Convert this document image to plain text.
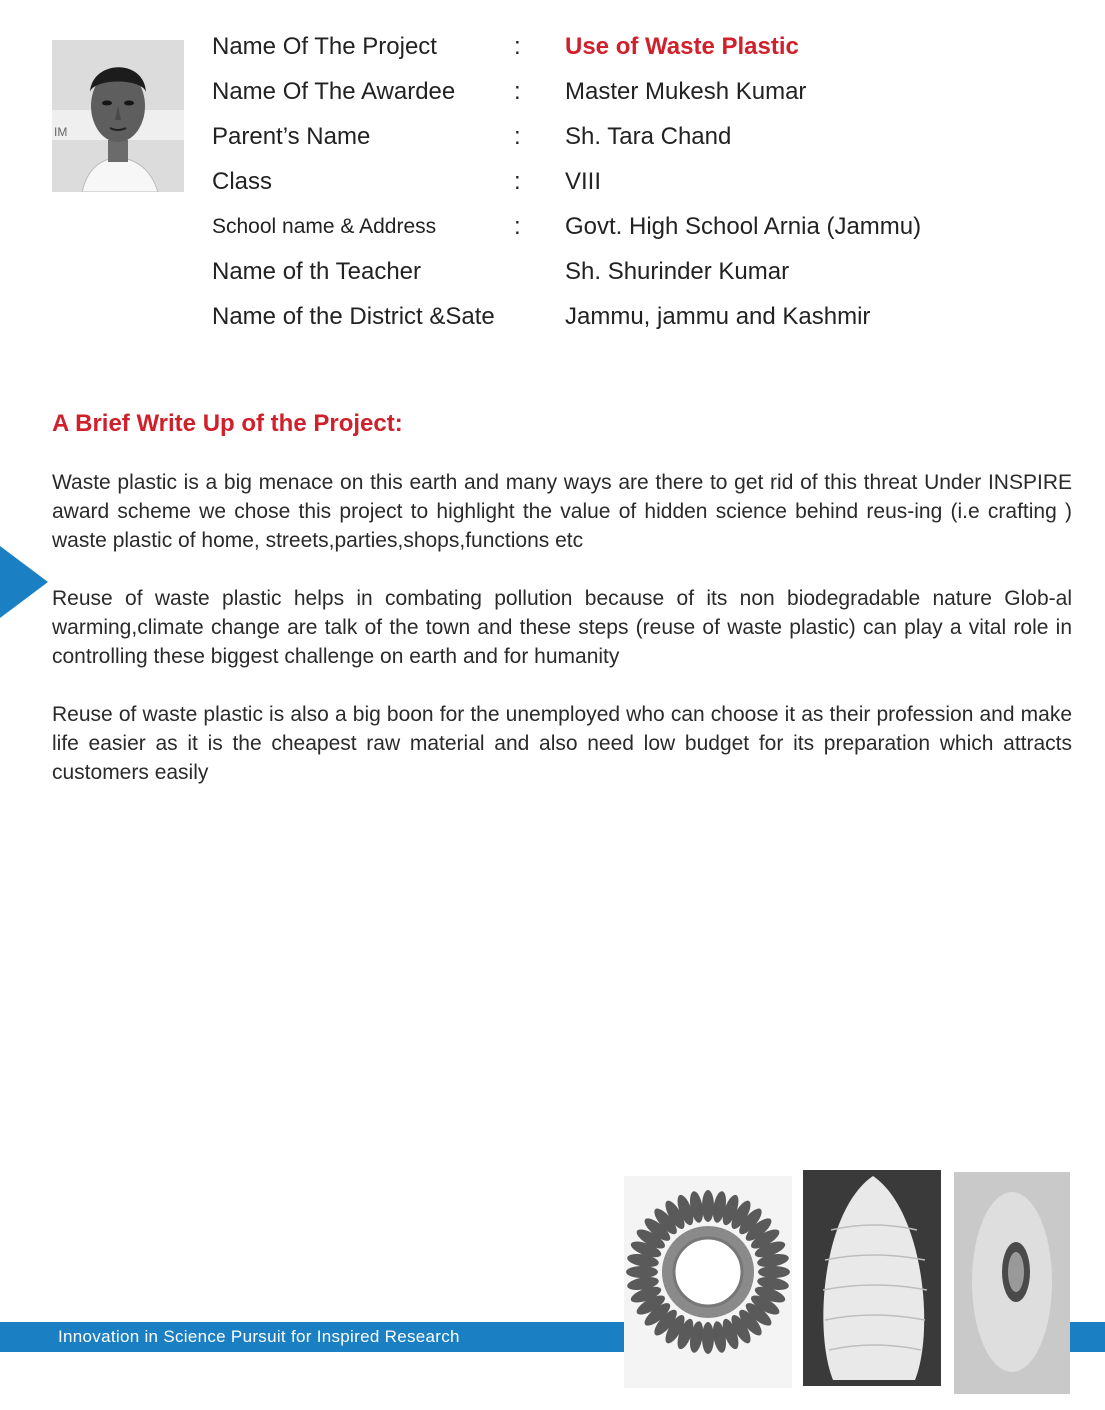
IM
Name Of The Project	: Use of Waste Plastic
Name Of The Awardee : Master Mukesh Kumar
Parent’s Name	: Sh. Tara Chand
Class	: VIII
School name & Address	: Govt. High School Arnia (Jammu)
Name of th Teacher	Sh. Shurinder Kumar
Name of the District &Sate	Jammu, jammu and Kashmir
A Brief Write Up of the Project:

Waste plastic is a big menace on this earth and many ways are there to get rid of this threat Under INSPIRE award scheme we chose this project to highlight the value of hidden science behind reus-ing (i.e crafting ) waste plastic of home, streets,parties,shops,functions etc

Reuse of waste plastic helps in combating pollution because of its non biodegradable nature Glob-al warming,climate change are talk of the town and these steps (reuse of waste plastic) can play a vital role in controlling these biggest challenge on earth and for humanity

Reuse of waste plastic is also a big boon for the unemployed who can choose it as their profession and make life easier as it is the cheapest raw material and also need low budget for its preparation which attracts customers easily

Innovation in Science Pursuit for Inspired Research
